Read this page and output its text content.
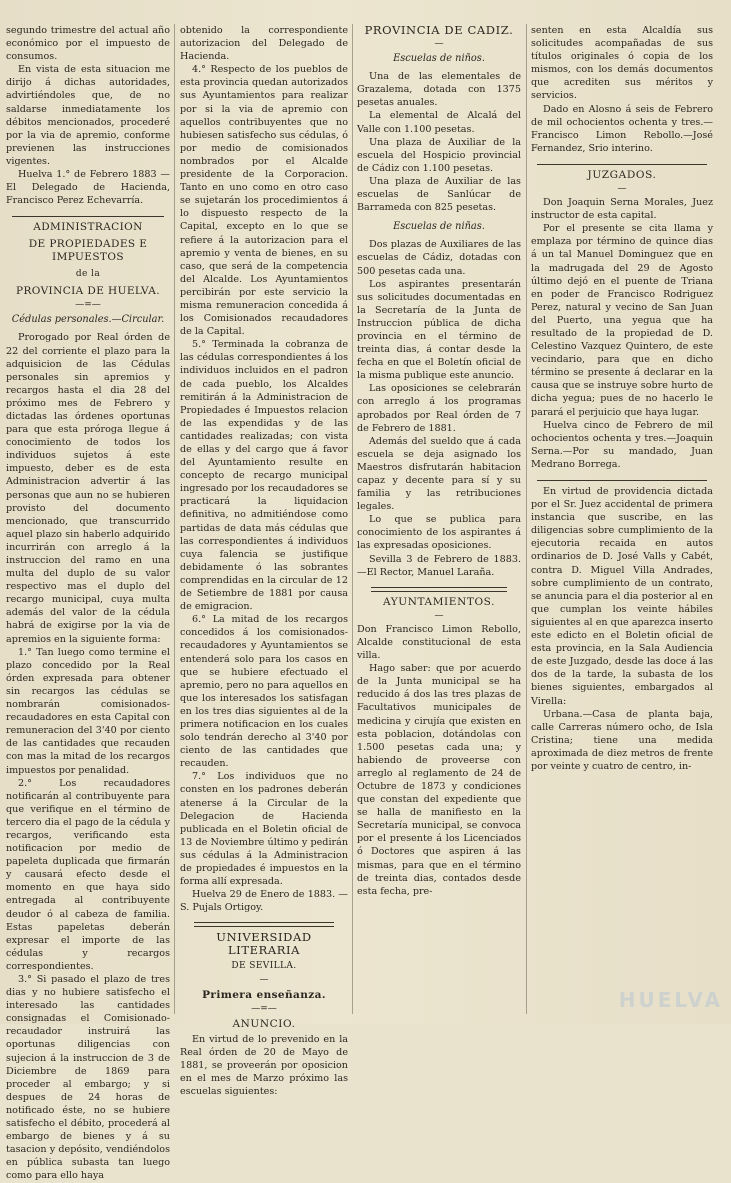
segundo trimestre del actual año económico por el impuesto de consumos.

En vista de esta situacion me dirijo á dichas autoridades, advirtiéndoles que, de no saldarse inmediatamente los débitos mencionados, procederé por la via de apremio, conforme previenen las instrucciones vigentes.

Huelva 1.° de Febrero 1883 — El Delegado de Hacienda, Francisco Perez Echevarría.

ADMINISTRACION
DE PROPIEDADES E IMPUESTOS
de la
PROVINCIA DE HUELVA.
—=—
Cédulas personales.—Circular.

Prorogado por Real órden de 22 del corriente el plazo para la adquisicion de las Cédulas personales sin apremios y recargos hasta el dia 28 del próximo mes de Febrero y dictadas las órdenes oportunas para que esta próroga llegue á conocimiento de todos los individuos sujetos á este impuesto, deber es de esta Administracion advertir á las personas que aun no se hubieren provisto del documento mencionado, que transcurrido aquel plazo sin haberlo adquirido incurrirán con arreglo á la instruccion del ramo en una multa del duplo de su valor respectivo mas el duplo del recargo municipal, cuya multa además del valor de la cédula habrá de exigirse por la via de apremios en la siguiente forma:

1.° Tan luego como termine el plazo concedido por la Real órden expresada para obtener sin recargos las cédulas se nombrarán comisionados-recaudadores en esta Capital con remuneracion del 3'40 por ciento de las cantidades que recauden con mas la mitad de los recargos impuestos por penalidad.

2.° Los recaudadores notificarán al contribuyente para que verifique en el término de tercero dia el pago de la cédula y recargos, verificando esta notificacion por medio de papeleta duplicada que firmarán y causará efecto desde el momento en que haya sido entregada al contribuyente deudor ó al cabeza de familia. Estas papeletas deberán expresar el importe de las cédulas y recargos correspondientes.

3.° Si pasado el plazo de tres dias y no hubiere satisfecho el interesado las cantidades consignadas el Comisionado-recaudador instruirá las oportunas diligencias con sujecion á la instruccion de 3 de Diciembre de 1869 para proceder al embargo; y si despues de 24 horas de notificado éste, no se hubiere satisfecho el débito, procederá al embargo de bienes y á su tasacion y depósito, vendiéndolos en pública subasta tan luego como para ello haya

obtenido la correspondiente autorizacion del Delegado de Hacienda.

4.° Respecto de los pueblos de esta provincia quedan autorizados sus Ayuntamientos para realizar por si la via de apremio con aquellos contribuyentes que no hubiesen satisfecho sus cédulas, ó por medio de comisionados nombrados por el Alcalde presidente de la Corporacion. Tanto en uno como en otro caso se sujetarán los procedimientos á lo dispuesto respecto de la Capital, excepto en lo que se refiere á la autorizacion para el apremio y venta de bienes, en su caso, que será de la competencia del Alcalde. Los Ayuntamientos percibirán por este servicio la misma remuneracion concedida á los Comisionados recaudadores de la Capital.

5.° Terminada la cobranza de las cédulas correspondientes á los individuos incluidos en el padron de cada pueblo, los Alcaldes remitirán á la Administracion de Propiedades é Impuestos relacion de las expendidas y de las cantidades realizadas; con vista de ellas y del cargo que á favor del Ayuntamiento resulte en concepto de recargo municipal ingresado por los recaudadores se practicará la liquidacion definitiva, no admitiéndose como partidas de data más cédulas que las correspondientes á individuos cuya falencia se justifique debidamente ó las sobrantes comprendidas en la circular de 12 de Setiembre de 1881 por causa de emigracion.

6.° La mitad de los recargos concedidos á los comisionados-recaudadores y Ayuntamientos se entenderá solo para los casos en que se hubiere efectuado el apremio, pero no para aquellos en que los interesados los satisfagan en los tres dias siguientes al de la primera notificacion en los cuales solo tendrán derecho al 3'40 por ciento de las cantidades que recauden.

7.° Los individuos que no consten en los padrones deberán atenerse á la Circular de la Delegacion de Hacienda publicada en el Boletin oficial de 13 de Noviembre último y pedirán sus cédulas á la Administracion de propiedades é impuestos en la forma allí expresada.

Huelva 29 de Enero de 1883. —S. Pujals Ortigoy.

UNIVERSIDAD LITERARIA
DE SEVILLA.
—
Primera enseñanza.
—=—
ANUNCIO.

En virtud de lo prevenido en la Real órden de 20 de Mayo de 1881, se proveerán por oposicion en el mes de Marzo próximo las escuelas siguientes:

PROVINCIA DE CADIZ.
—
Escuelas de niños.

Una de las elementales de Grazalema, dotada con 1375 pesetas anuales.

La elemental de Alcalá del Valle con 1.100 pesetas.

Una plaza de Auxiliar de la escuela del Hospicio provincial de Cádiz con 1.100 pesetas.

Una plaza de Auxiliar de las escuelas de Sanlúcar de Barrameda con 825 pesetas.

Escuelas de niñas.

Dos plazas de Auxiliares de las escuelas de Cádiz, dotadas con 500 pesetas cada una.

Los aspirantes presentarán sus solicitudes documentadas en la Secretaría de la Junta de Instruccion pública de dicha provincia en el término de treinta dias, á contar desde la fecha en que el Boletín oficial de la misma publique este anuncio.

Las oposiciones se celebrarán con arreglo á los programas aprobados por Real órden de 7 de Febrero de 1881.

Además del sueldo que á cada escuela se deja asignado los Maestros disfrutarán habitacion capaz y decente para sí y su familia y las retribuciones legales.

Lo que se publica para conocimiento de los aspirantes á las expresadas oposiciones.

Sevilla 3 de Febrero de 1883. —El Rector, Manuel Laraña.

AYUNTAMIENTOS.
—

Don Francisco Limon Rebollo, Alcalde constitucional de esta villa.

Hago saber: que por acuerdo de la Junta municipal se ha reducido á dos las tres plazas de Facultativos municipales de medicina y cirujía que existen en esta poblacion, dotándolas con 1.500 pesetas cada una; y habiendo de proveerse con arreglo al reglamento de 24 de Octubre de 1873 y condiciones que constan del expediente que se halla de manifiesto en la Secretaría municipal, se convoca por el presente á los Licenciados ó Doctores que aspiren á las mismas, para que en el término de treinta dias, contados desde esta fecha, pre-

senten en esta Alcaldía sus solicitudes acompañadas de sus títulos originales ó copia de los mismos, con los demás documentos que acrediten sus méritos y servicios.

Dado en Alosno á seis de Febrero de mil ochocientos ochenta y tres.—Francisco Limon Rebollo.—José Fernandez, Srio interino.

JUZGADOS.
—

Don Joaquin Serna Morales, Juez instructor de esta capital.

Por el presente se cita llama y emplaza por término de quince dias á un tal Manuel Dominguez que en la madrugada del 29 de Agosto último dejó en el puente de Triana en poder de Francisco Rodriguez Perez, natural y vecino de San Juan del Puerto, una yegua que ha resultado de la propiedad de D. Celestino Vazquez Quintero, de este vecindario, para que en dicho término se presente á declarar en la causa que se instruye sobre hurto de dicha yegua; pues de no hacerlo le parará el perjuicio que haya lugar.

Huelva cinco de Febrero de mil ochocientos ochenta y tres.—Joaquin Serna.—Por su mandado, Juan Medrano Borrega.

En virtud de providencia dictada por el Sr. Juez accidental de primera instancia que suscribe, en las diligencias sobre cumplimiento de la ejecutoria recaida en autos ordinarios de D. José Valls y Cabét, contra D. Miguel Villa Andrades, sobre cumplimiento de un contrato, se anuncia para el dia posterior al en que cumplan los veinte hábiles siguientes al en que aparezca inserto este edicto en el Boletin oficial de esta provincia, en la Sala Audiencia de este Juzgado, desde las doce á las dos de la tarde, la subasta de los bienes siguientes, embargados al Virella:

Urbana.—Casa de planta baja, calle Carreras número ocho, de Isla Cristina; tiene una medida aproximada de diez metros de frente por veinte y cuatro de centro, in-

HUELVA
